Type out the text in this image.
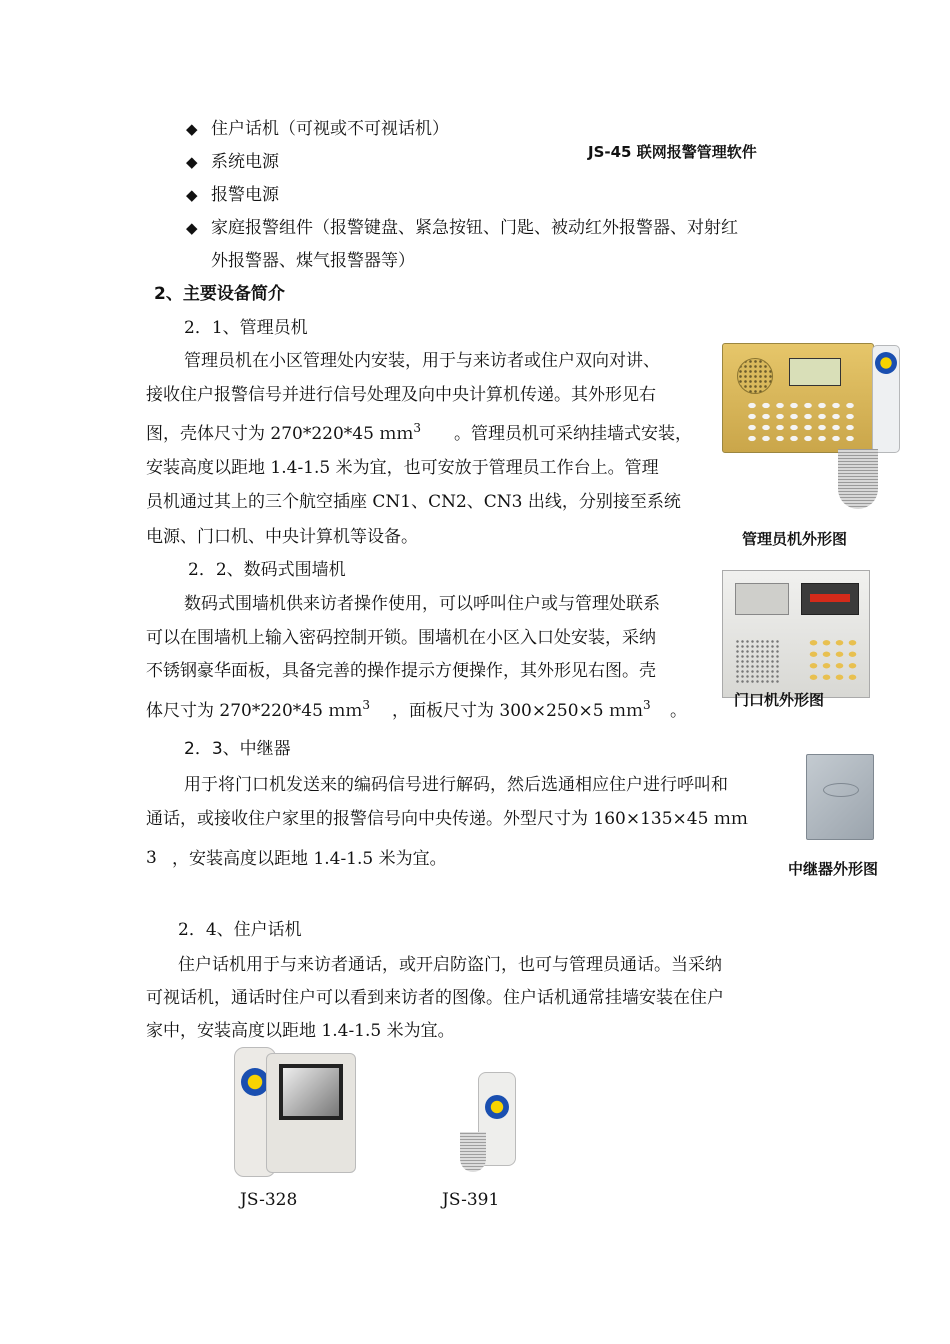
◆ 住户话机（可视或不可视话机）
◆ 系统电源
◆ 报警电源
◆ 家庭报警组件（报警键盘、紧急按钮、门匙、被动红外报警器、对射红
外报警器、煤气报警器等）
JS-45 联网报警管理软件
2、主要设备简介
2．1、管理员机
管理员机在小区管理处内安装，用于与来访者或住户双向对讲、
接收住户报警信号并进行信号处理及向中央计算机传递。其外形见右
图，壳体尺寸为 270*220*45 ｍｍ$^3$ 。管理员机可采纳挂墙式安装，
安装高度以距地 1.4-1.5 米为宜，也可安放于管理员工作台上。管理
员机通过其上的三个航空插座 CN1、CN2、CN3 出线，分别接至系统
电源、门口机、中央计算机等设备。	管理员机外形图
2．2、数码式围墙机
数码式围墙机供来访者操作使用，可以呼叫住户或与管理处联系
可以在围墙机上输入密码控制开锁。围墙机在小区入口处安装，采纳
不锈钢豪华面板，具备完善的操作提示方便操作，其外形见右图。壳
体尺寸为 270*220*45 ｍｍ$^3$ ，面板尺寸为 300×250×5 ｍｍ$^3$ 。
门口机外形图
2．3、中继器
用于将门口机发送来的编码信号进行解码，然后选通相应住户进行呼叫和
通话，或接收住户家里的报警信号向中央传递。外型尺寸为 160×135×45 ｍｍ
3 ，安装高度以距地 1.4-1.5 米为宜。	中继器外形图
2．4、住户话机
住户话机用于与来访者通话，或开启防盗门，也可与管理员通话。当采纳
可视话机，通话时住户可以看到来访者的图像。住户话机通常挂墙安装在住户
家中，安装高度以距地 1.4-1.5 米为宜。
JS-328	JS-391
